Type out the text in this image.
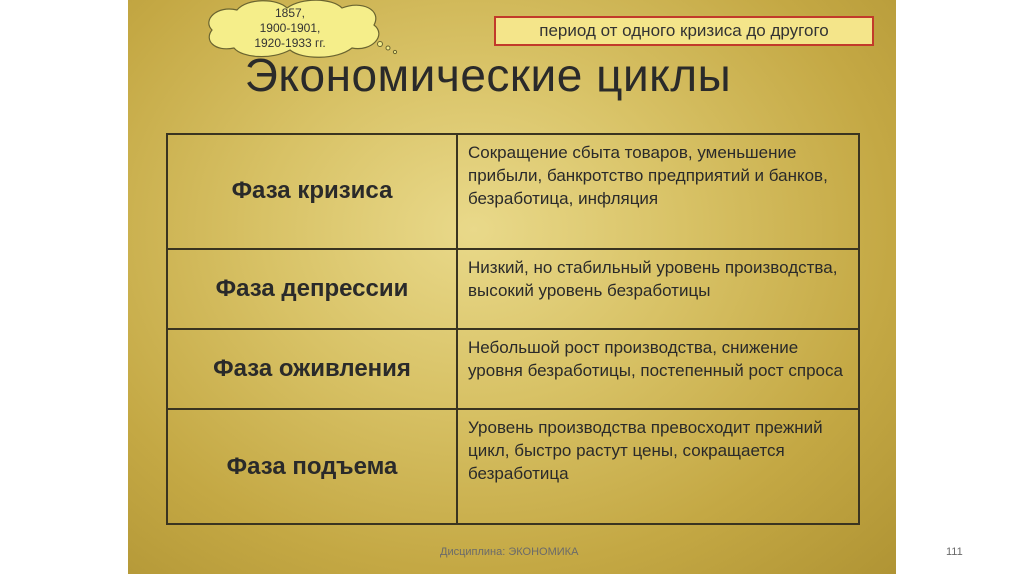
1857,
1900-1901,
1920-1933 гг.
период от одного кризиса до другого
Экономические циклы
Фаза кризиса	Сокращение сбыта товаров, уменьшение прибыли, банкротство предприятий и банков, безработица, инфляция
Фаза депрессии	Низкий, но стабильный уровень производства, высокий уровень безработицы
Фаза оживления	Небольшой рост производства, снижение уровня безработицы, постепенный рост спроса
Фаза подъема	Уровень производства превосходит прежний цикл, быстро растут цены, сокращается безработица
Дисциплина: ЭКОНОМИКА	111
